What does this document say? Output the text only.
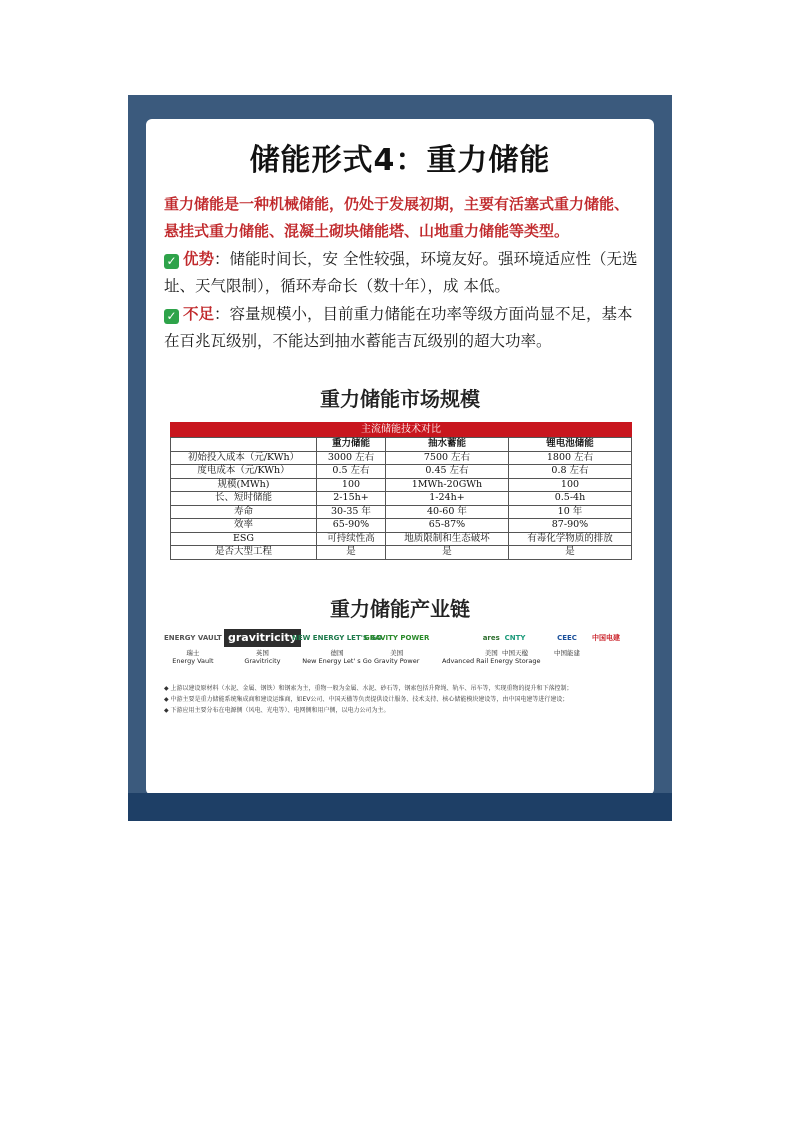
储能形式4：重力储能
重力储能是一种机械储能，仍处于发展初期，主要有活塞式重力储能、悬挂式重力储能、混凝土砌块储能塔、山地重力储能等类型。
✓ 优势：储能时间长，安 全性较强，环境友好。强环境适应性（无选址、天气限制），循环寿命长（数十年），成 本低。
✓ 不足：容量规模小，目前重力储能在功率等级方面尚显不足，基本在百兆瓦级别，不能达到抽水蓄能吉瓦级别的超大功率。
重力储能市场规模
主流储能技术对比
	重力储能	抽水蓄能	锂电池储能
初始投入成本（元/KWh）	3000 左右	7500 左右	1800 左右
度电成本（元/KWh）	0.5 左右	0.45 左右	0.8 左右
规模(MWh)	100	1MWh-20GWh	100
长、短时储能	2-15h+	1-24h+	0.5-4h
寿命	30-35 年	40-60 年	10 年
效率	65-90%	65-87%	87-90%
ESG	可持续性高	地质限制和生态破坏	有毒化学物质的排放
是否大型工程	是	是	是
重力储能产业链
ENERGY VAULT
瑞士
Energy Vault
gravitricity
英国
Gravitricity
NEW ENERGY LET'S GO
德国
New Energy Let' s Go
GRAVITY POWER
美国
Gravity Power
ares
美国
Advanced Rail Energy Storage
CNTY
中国天楹
CEEC
中国能建
中国电建
◆ 上游以建设原材料（水泥、金属、钢铁）和钢索为主，重物一般为金属、水泥、砂石等，钢索包括升降绳、轨车、吊车等，实现重物的提升和下落控制；
◆ 中游主要是重力储能系统集成商和建设运维商，如EV公司、中国天楹等负责提供设计服务、技术支持、核心储能模块建设等，由中国电建等进行建设；
◆ 下游应用主要分布在电源侧（风电、光电等）、电网侧和用户侧，以电力公司为主。
